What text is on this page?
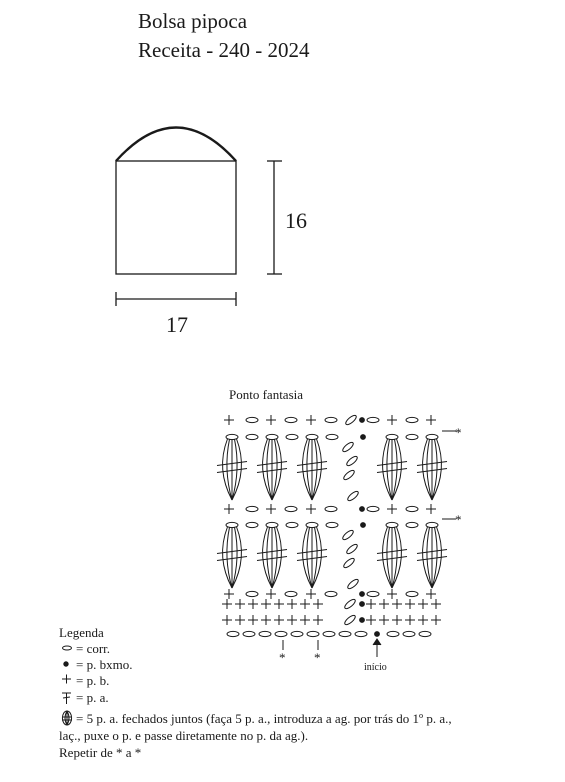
Bolsa pipoca
Receita - 240 - 2024
* *
*
*
16
17
Ponto fantasia
início
Legenda
= corr.
= p. bxmo.
= p. b.
= p. a.
= 5 p. a. fechados juntos (faça 5 p. a., introduza a ag. por trás do 1º p. a.,
laç., puxe o p. e passe diretamente no p. da ag.).
Repetir de * a *
